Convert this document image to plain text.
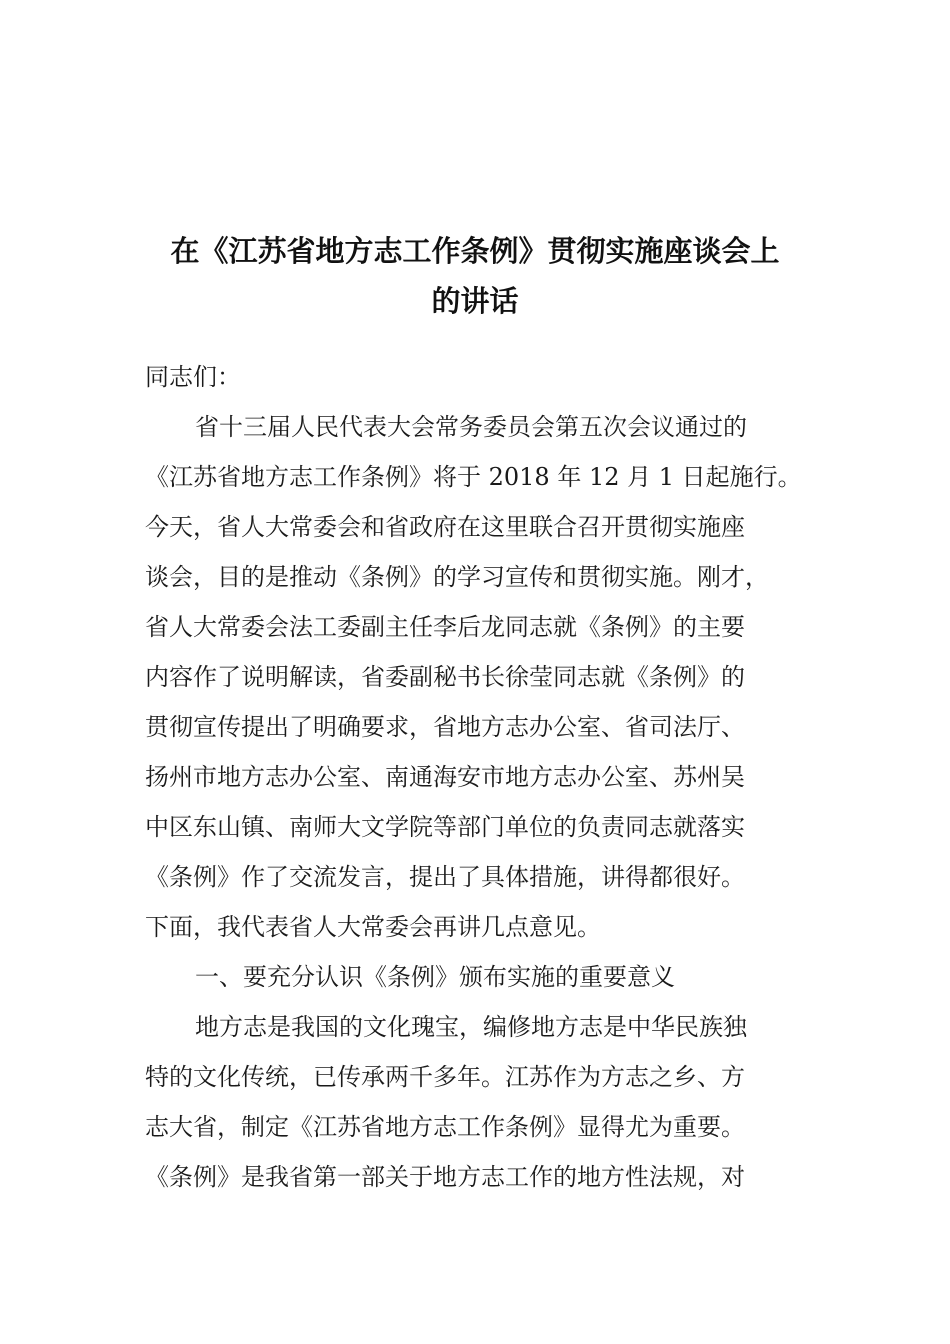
在《江苏省地方志工作条例》贯彻实施座谈会上
的讲话
同志们：
省十三届人民代表大会常务委员会第五次会议通过的
《江苏省地方志工作条例》将于 2018 年 12 月 1 日起施行。
今天，省人大常委会和省政府在这里联合召开贯彻实施座
谈会，目的是推动《条例》的学习宣传和贯彻实施。刚才，
省人大常委会法工委副主任李后龙同志就《条例》的主要
内容作了说明解读，省委副秘书长徐莹同志就《条例》的
贯彻宣传提出了明确要求，省地方志办公室、省司法厅、
扬州市地方志办公室、南通海安市地方志办公室、苏州吴
中区东山镇、南师大文学院等部门单位的负责同志就落实
《条例》作了交流发言，提出了具体措施，讲得都很好。
下面，我代表省人大常委会再讲几点意见。
一、要充分认识《条例》颁布实施的重要意义
地方志是我国的文化瑰宝，编修地方志是中华民族独
特的文化传统，已传承两千多年。江苏作为方志之乡、方
志大省，制定《江苏省地方志工作条例》显得尤为重要。
《条例》是我省第一部关于地方志工作的地方性法规，对
